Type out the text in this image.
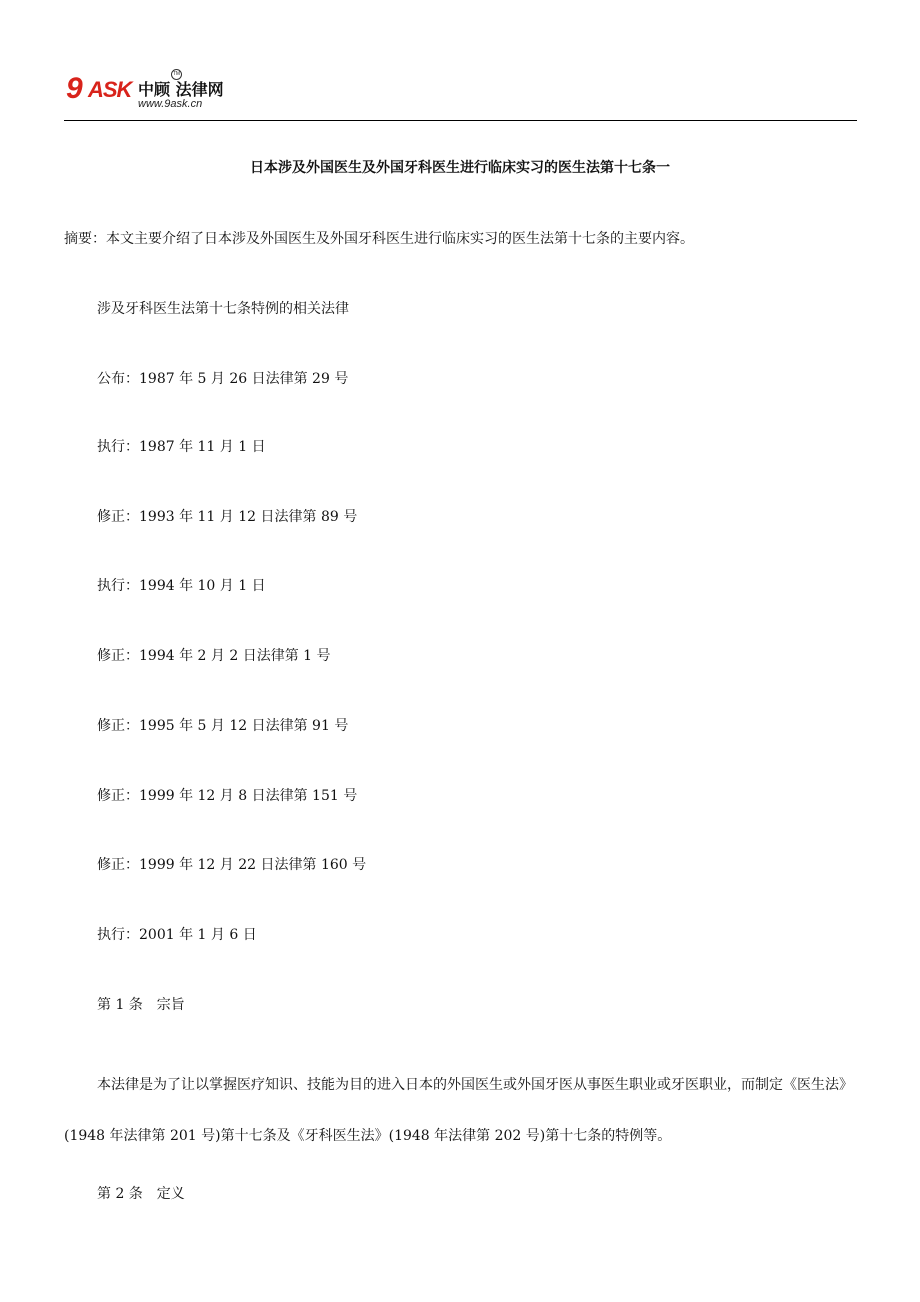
9 ASK 中顾 法律网
TM
www.9ask.cn
日本涉及外国医生及外国牙科医生进行临床实习的医生法第十七条一
摘要：本文主要介绍了日本涉及外国医生及外国牙科医生进行临床实习的医生法第十七条的主要内容。
涉及牙科医生法第十七条特例的相关法律
公布：1987 年 5 月 26 日法律第 29 号
执行：1987 年 11 月 1 日
修正：1993 年 11 月 12 日法律第 89 号
执行：1994 年 10 月 1 日
修正：1994 年 2 月 2 日法律第 1 号
修正：1995 年 5 月 12 日法律第 91 号
修正：1999 年 12 月 8 日法律第 151 号
修正：1999 年 12 月 22 日法律第 160 号
执行：2001 年 1 月 6 日
第 1 条　宗旨
本法律是为了让以掌握医疗知识、技能为目的进入日本的外国医生或外国牙医从事医生职业或牙医职业，而制定《医生法》(1948 年法律第 201 号)第十七条及《牙科医生法》(1948 年法律第 202 号)第十七条的特例等。
第 2 条　定义
